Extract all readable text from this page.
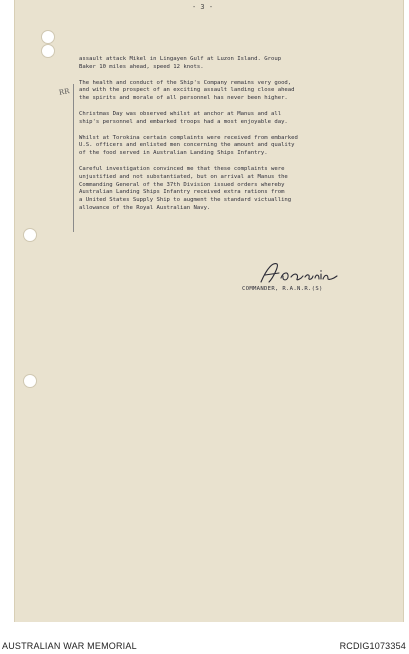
- 3 -
RR

assault attack Mikel in Lingayen Gulf at Luzon Island. Group
Baker 10 miles ahead, speed 12 knots.

The health and conduct of the Ship's Company remains very good,
and with the prospect of an exciting assault landing close ahead
the spirits and morale of all personnel has never been higher.

Christmas Day was observed whilst at anchor at Manus and all
ship's personnel and embarked troops had a most enjoyable day.

Whilst at Torokina certain complaints were received from embarked
U.S. officers and enlisted men concerning the amount and quality
of the food served in Australian Landing Ships Infantry.

Careful investigation convinced me that these complaints were
unjustified and not substantiated, but on arrival at Manus the
Commanding General of the 37th Division issued orders whereby
Australian Landing Ships Infantry received extra rations from
a United States Supply Ship to augment the standard victualling
allowance of the Royal Australian Navy.

COMMANDER, R.A.N.R.(S)
AUSTRALIAN WAR MEMORIAL	RCDIG1073354
